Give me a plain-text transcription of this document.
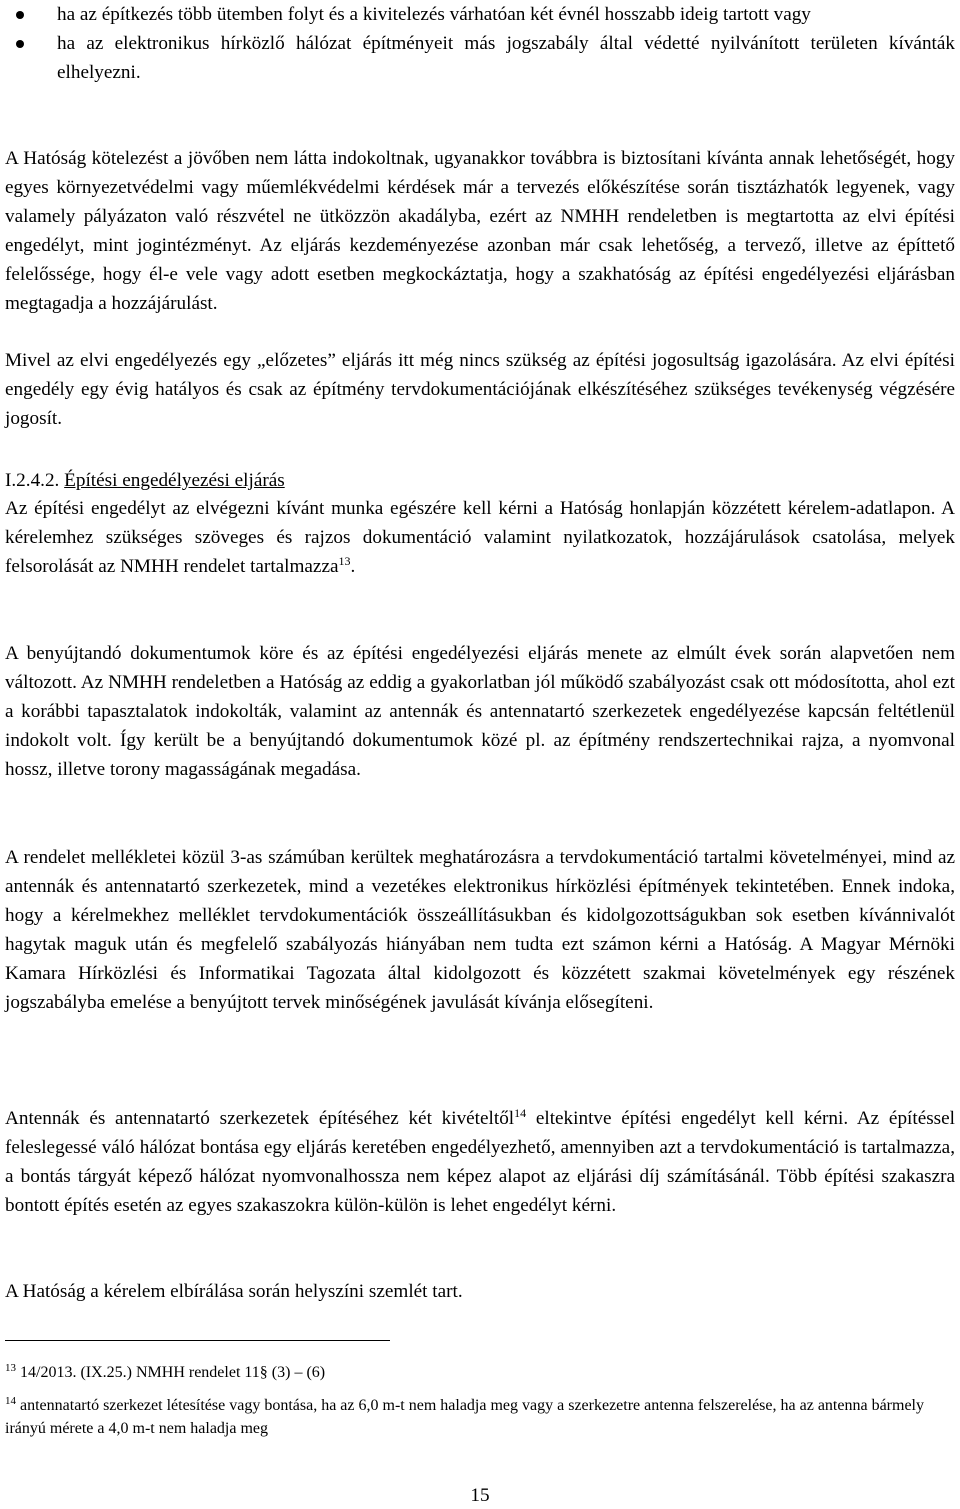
ha az építkezés több ütemben folyt és a kivitelezés várhatóan két évnél hosszabb ideig tartott vagy
ha az elektronikus hírközlő hálózat építményeit más jogszabály által védetté nyilvánított területen kívánták elhelyezni.

A Hatóság kötelezést a jövőben nem látta indokoltnak, ugyanakkor továbbra is biztosítani kívánta annak lehetőségét, hogy egyes környezetvédelmi vagy műemlékvédelmi kérdések már a tervezés előkészítése során tisztázhatók legyenek, vagy valamely pályázaton való részvétel ne ütközzön akadályba, ezért az NMHH rendeletben is megtartotta az elvi építési engedélyt, mint jogintézményt. Az eljárás kezdeményezése azonban már csak lehetőség, a tervező, illetve az építtető felelőssége, hogy él-e vele vagy adott esetben megkockáztatja, hogy a szakhatóság az építési engedélyezési eljárásban megtagadja a hozzájárulást.

Mivel az elvi engedélyezés egy „előzetes” eljárás itt még nincs szükség az építési jogosultság igazolására. Az elvi építési engedély egy évig hatályos és csak az építmény tervdokumentációjának elkészítéséhez szükséges tevékenység végzésére jogosít.

I.2.4.2. Építési engedélyezési eljárás

Az építési engedélyt az elvégezni kívánt munka egészére kell kérni a Hatóság honlapján közzétett kérelem-adatlapon. A kérelemhez szükséges szöveges és rajzos dokumentáció valamint nyilatkozatok, hozzájárulások csatolása, melyek felsorolását az NMHH rendelet tartalmazza$^{13}$.

A benyújtandó dokumentumok köre és az építési engedélyezési eljárás menete az elmúlt évek során alapvetően nem változott. Az NMHH rendeletben a Hatóság az eddig a gyakorlatban jól működő szabályozást csak ott módosította, ahol ezt a korábbi tapasztalatok indokolták, valamint az antennák és antennatartó szerkezetek engedélyezése kapcsán feltétlenül indokolt volt. Így került be a benyújtandó dokumentumok közé pl. az építmény rendszertechnikai rajza, a nyomvonal hossz, illetve torony magasságának megadása.

A rendelet mellékletei közül 3-as számúban kerültek meghatározásra a tervdokumentáció tartalmi követelményei, mind az antennák és antennatartó szerkezetek, mind a vezetékes elektronikus hírközlési építmények tekintetében. Ennek indoka, hogy a kérelmekhez melléklet tervdokumentációk összeállításukban és kidolgozottságukban sok esetben kívánnivalót hagytak maguk után és megfelelő szabályozás hiányában nem tudta ezt számon kérni a Hatóság. A Magyar Mérnöki Kamara Hírközlési és Informatikai Tagozata által kidolgozott és közzétett szakmai követelmények egy részének jogszabályba emelése a benyújtott tervek minőségének javulását kívánja elősegíteni.

Antennák és antennatartó szerkezetek építéséhez két kivételtől$^{14}$ eltekintve építési engedélyt kell kérni. Az építéssel feleslegessé váló hálózat bontása egy eljárás keretében engedélyezhető, amennyiben azt a tervdokumentáció is tartalmazza, a bontás tárgyát képező hálózat nyomvonalhossza nem képez alapot az eljárási díj számításánál. Több építési szakaszra bontott építés esetén az egyes szakaszokra külön-külön is lehet engedélyt kérni.

A Hatóság a kérelem elbírálása során helyszíni szemlét tart.

$^{13}$ 14/2013. (IX.25.) NMHH rendelet 11§ (3) – (6)
$^{14}$ antennatartó szerkezet létesítése vagy bontása, ha az 6,0 m-t nem haladja meg vagy a szerkezetre antenna felszerelése, ha az antenna bármely irányú mérete a 4,0 m-t nem haladja meg
15
